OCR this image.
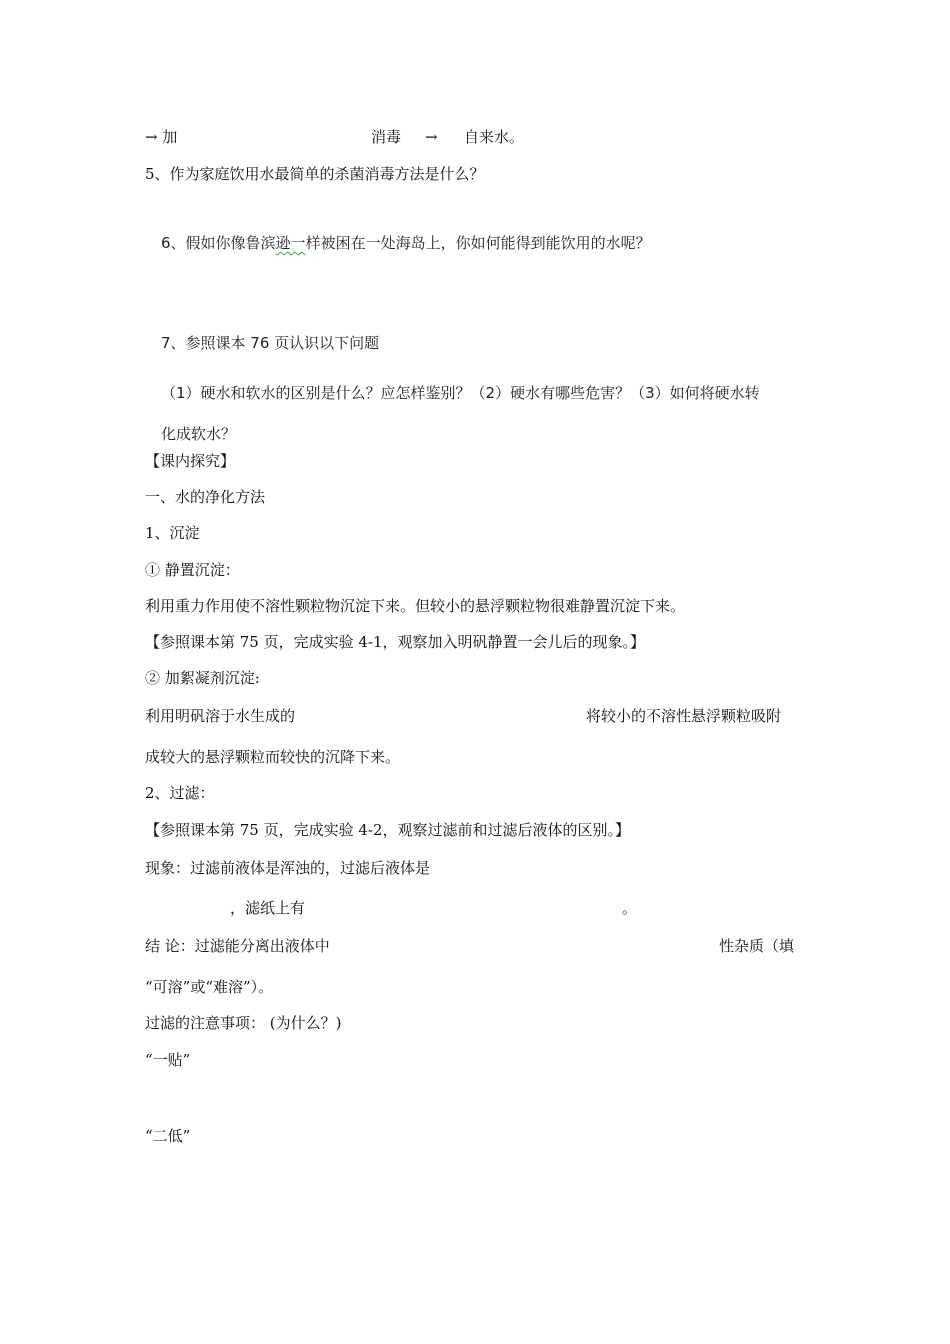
→ 加	消毒 → 自来水。
5、作为家庭饮用水最简单的杀菌消毒方法是什么？
6、假如你像鲁滨逊一样被困在一处海岛上，你如何能得到能饮用的水呢？
7、参照课本 76 页认识以下问题
（1）硬水和软水的区别是什么？应怎样鉴别？（2）硬水有哪些危害？（3）如何将硬水转
化成软水？
【课内探究】
一、水的净化方法
1、沉淀
① 静置沉淀：
利用重力作用使不溶性颗粒物沉淀下来。但较小的悬浮颗粒物很难静置沉淀下来。
【参照课本第 75 页，完成实验 4-1，观察加入明矾静置一会儿后的现象。】
② 加絮凝剂沉淀:
利用明矾溶于水生成的	将较小的不溶性悬浮颗粒吸附
成较大的悬浮颗粒而较快的沉降下来。
2、过滤：
【参照课本第 75 页，完成实验 4-2，观察过滤前和过滤后液体的区别。】
现象：过滤前液体是浑浊的，过滤后液体是
，滤纸上有	。
结 论：过滤能分离出液体中	性杂质（填
“可溶”或“难溶”）。
过滤的注意事项： (为什么？)
“一贴”
“二低”
